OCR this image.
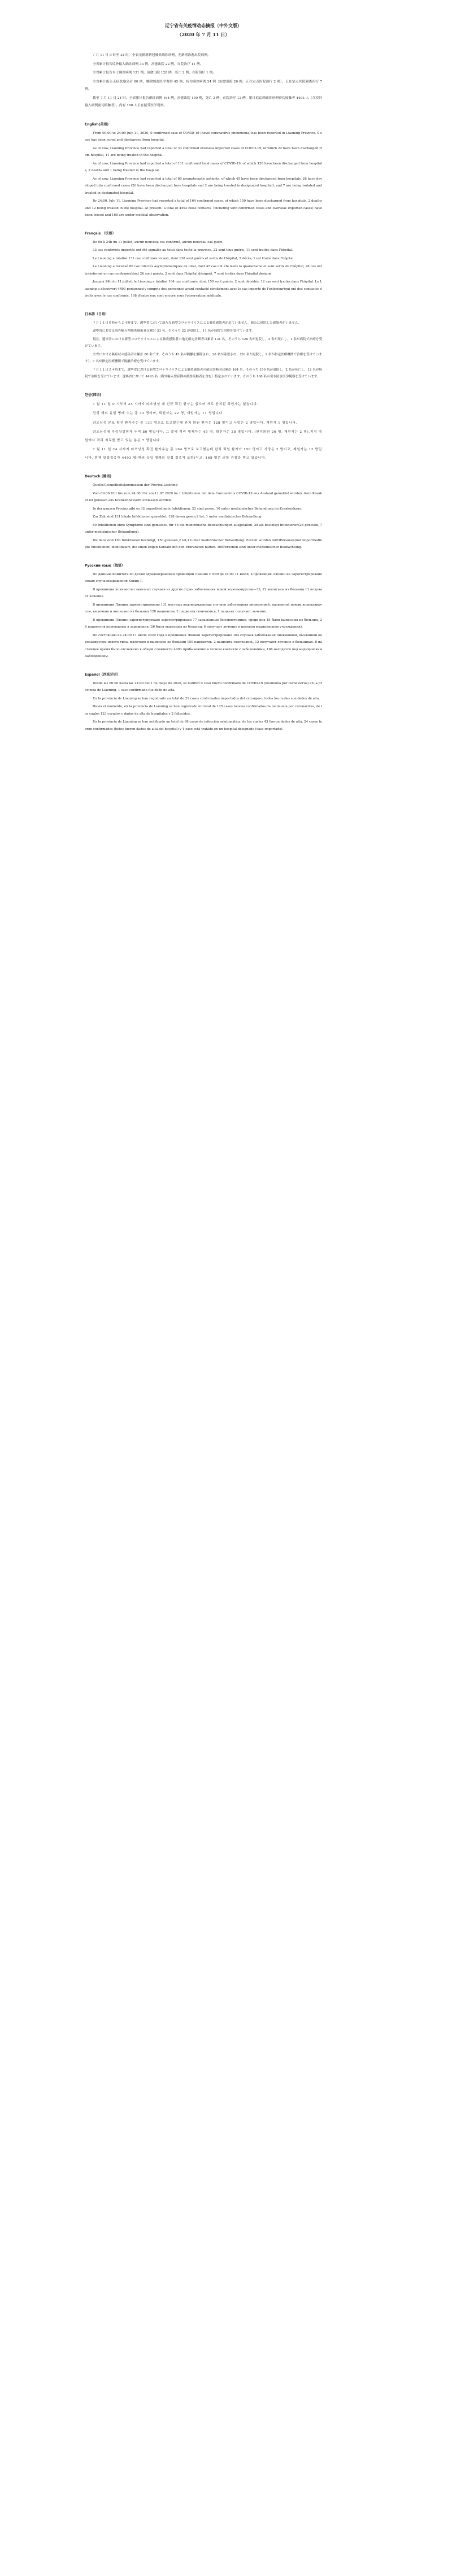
辽宁省有关疫情动态摘报（中外文版）

（2020 年 7 月 11 日）

7 月 11 日 0 时至 24 时，全省无新增新冠肺炎确诊病例，无新增治愈出院病例。

全省累计报告境外输入确诊病例 33 例，治愈出院 22 例，在院治疗 11 例。

全省累计报告本土确诊病例 131 例，治愈出院 128 例，死亡 2 例，在院治疗 1 例。

全省累计报告无症状感染者 80 例，解除隔离医学观察 45 例，转为确诊病例 24 例（治愈出院 26 例，正在定点医院治疗 2 例），正在定点医院隔离治疗 7 例。

截至 7 月 11 日 24 时，全省累计报告确诊病例 164 例，治愈出院 150 例，死亡 2 例，在院治疗 12 例，累计追踪到确诊病例密切接触者 4493 人（含境外输入病例密切接触者），尚有 168 人正在接受医学观察。

English(英语)

From 00:00 to 24:00 July 11, 2020, 0 confirmed case of COVID-19 (novel coronavirus pneumonia) has been reported in Liaoning Province. 0 case has been cured and discharged from hospital.

As of now, Liaoning Province had reported a total of 33 confirmed overseas imported cases of COVID-19, of which 22 have been discharged from hospital, 11 are being treated in the hospital.

As of now, Liaoning Province had reported a total of 131 confirmed local cases of COVID-19, of which 128 have been discharged from hospitals, 2 deaths and 1 being treated in the hospital.

As of now, Liaoning Province had reported a total of 80 asymptomatic patients, of which 45 have been discharged from hospitals, 28 have developed into confirmed cases (26 have been discharged from hospitals and 2 are being treated in designated hospital), and 7 are being isolated and treated in designated hospital.

By 24:00, July 11, Liaoning Province had reported a total of 164 confirmed cases, of which 150 have been discharged from hospitals, 2 deaths and 12 being treated in the hospital. At present, a total of 4493 close contacts（including with confirmed cases and overseas imported cases) have been traced and 168 are under medical observation.

Français （法语）

De 0h à 24h du 11 juillet, aucun nouveau cas confirmé, aucun nouveau cas guéri.

33 cas confirmés importés ont été signalés au total dans toute la province, 22 sont tous guéris, 11 sont traités dans l'hôpital.

Le Liaoning a totalisé 131 cas confirmés locaux, dont 128 sont guéris et sortis de l'hôpital, 2 décès, 1 est traité dans l'hôpital.

Le Liaoning a recensé 80 cas infectés asymptomatiques au total, dont 45 cas ont été levés la quarantaine et sont sortis de l'hôpital, 28 cas ont transformé en cas confirmés(dont 26 sont guéris, 2 sont dans l'hôpital désigné), 7 sont traités dans l'hôpital désigné.

Jusqu'à 24h du 11 juillet, le Liaoning a totalisé 164 cas confirmés, dont 150 sont guéris, 2 sont décédés, 12 cas sont traités dans l'hôpital. Le Liaoning a découvert 4493 personnes(y compris des personnes ayant contacté étroitement avec le cas importé de l'extérieur)qui ont des contactes étroits avec le cas confirmés, 168 d'entre eux sont encore sous l'observation médicale.

日本語（日语）

７月１１日０時から２４時まで，遼寧省において新たな新型コロナウイルスによる肺炎感染者が出ていません。新たに退院した感染者がいません。

遼寧省における海外輸入型肺炎感染者は累計 33 名。そのうち 22 が退院し，11 名が病院で治療を受けています。

現在，遼寧省における新型コロナウイルスによる肺炎感染者の地元確定診断者は累計 131 名，そのうち 128 名が退院し，2 名が死亡し，1 名が病院で治療を受けています。

全省における無症状の感染者は累計 80 名です。そのうち 45 名が隔離を解除され，28 名が確認され，（26 名が退院し，2 名が指定医療機関で治療を受けています），7 名が指定医療機関で隔離治療を受けています。

７月１１日２４時まで，遼寧省における新型コロナウイルスによる肺炎感染者の確定診断者は累計 164 名，そのうち 150 名が退院し，2 名が死亡し，12 名が病院で治療を受けています。遼寧省において 4493 名（海外輸入型症例の濃厚接触者を含む）特定されています。そのうち 168 名が引き続き医学観察を受けています。

한글(韩语)

7 월 11 일 0 시부터 24 시까지 랴오닝성 내 신규 확진 환자는 없으며 새로 완치된 퇴원자는 없습니다.

전성 해외 유입 병례 수는 총 33 명이며, 퇴원자는 22 명, 재원자는 11 명입니다.

랴오닝성 본토 확진 환자수는 총 131 명으로 보고했는데 완치 퇴원 환자는 128 명이고 사망은 2 명입니다. 재원자 1 명입니다.

랴오닝성에 무증상감염자 누적 80 명입니다. 그 중에 격리 해제자는 45 명, 확진자는 28 명입니다. (완치퇴원 26 명, 재원자는 2 명),지정 병원에서 격리 치료를 받고 있는 분은 7 명입니다.

7 월 11 일 24 시까지 랴오닝성 확진 환자수는 총 164 명으로 보고했는데 완치 퇴원 환자가 150 명이고 사망은 2 명이고, 재원자는 12 명입니다. 현재 밀접접촉자 4493 명(해외 유입 병례의 밀접 접촉자 포함)이고, 168 명은 의학 관찰을 받고 있습니다.

Deutsch (德语)

Quelle:Gesundheitskommission der Provinz Liaoning

Vom 00:00 Uhr bis zum 24:00 Uhr am 11.07.2020 im 1 Infektionen mit dem Coronavirus COVID-19 aus Ausland gemeldet worden. Kein Kranker ist genesen aus Krankenhäusern entlassen worden.

In der ganzen Provinz gibt es 32 importbedingte Infektionen, 22 sind gesen, 10 unter medizinischer Behandlung im Krankenhaus.

Zur Zeit sind 131 lokale Infektionen gemeldet, 128 davon gesen,2 tot, 1 unter medizinischer Behandlung.

80 Infektionen ohne Symptome sind gemeldet, für 45 die medizinische Beobachtungen ausgefallen, 28 als bestätigt Infektionen(26 genesen, 7 unter medizinischer Behandlung).

Bis dato sind 163 Infektionen bestätigt, 150 genesen,2 tot,11unter medizinischer Behandlung. Zurzeit wurden 4493Personen(mit importbedingte Infektionen) identifiziert, die einen engen Kontakt mit den Erkrankten hatten. 168Personen sind unter medizinischer Beobachtung.

Русский язык（俄语）

По данным Комитета по делам здравоохранения провинции Ляонин с 0:00 до 24:00 11 июля, в провинции Ляонин не зарегистрировано новых случаевзаражения Ковид-1.

В провинции количество завозных случаев из других стран заболевания новой коронавирусом—33, 22 выписаны из больниц 11 получает лечение.

В провинции Ляонин зарегистрировано 131 местных подтвержденных случаев заболевания пневмонией, вызванной новым коронавирусом, вылечено и выписано из больниц 128 пациентов, 2 пациента скончались, 1 пациент получает лечение.

В провинции Ляонин зарегистрировано зарегистрировано 77 зараженных бессимптомных, среди них 45 были выписаны из больниц, 28 пациентов переведены в заражения,(26 были выписаны из больниц, 6 получает лечение в целевом медицинском учреждении).

По состоянию на 24:00 11 июля 2020 года в провинции Ляонин зарегистрировано 164 случаев заболевания пневмонией, вызванной коронавирусом нового типа, вылечено и выписано из больниц 150 пациентов, 2 пациента скончались, 12 получают лечение в больницах. В настоящее время было отслежено в общей сложности 4493 прибывавших в тесном контакте с заболевшими, 168 находятся под медицинским наблюдением.

Español（西班牙语）

Desde las 00:00 hasta las 24:00 del 1 de mayo de 2020, se notificó 0 caso nuevo confirmado de COVID-19 (neumonía por coronavirus) en la provincia de Liaoning. 1 caso confirmado fue dado de alta.

En la provincia de Liaoning se han registrado un total de 21 casos confirmados importados del extranjero, todos los cuales son dados de alta.

Hasta el momento, en la provincia de Liaoning se han registrado un total de 125 casos locales confirmados de neumonía por coronavirus, de los cuales 123 curados y dados de alta de hospitales y 2 fallecidos.

En la provincia de Liaoning se han notificado un total de 68 casos de infección asintomática, de los cuales 43 fueron dados de alta, 24 casos fueron confirmados (todos fueron dados de alta del hospital) y 1 caso está tratado en un hospital designado (caso importado).
